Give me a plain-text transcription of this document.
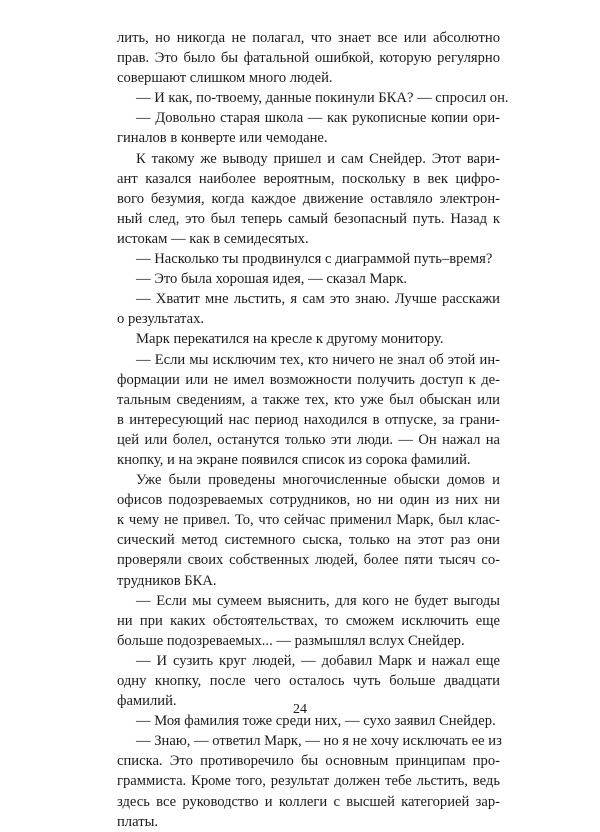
лить, но никогда не полагал, что знает все или абсолютно
прав. Это было бы фатальной ошибкой, которую регулярно
совершают слишком много людей.
— И как, по-твоему, данные покинули БКА? — спросил он.
— Довольно старая школа — как рукописные копии ори-
гиналов в конверте или чемодане.
К такому же выводу пришел и сам Снейдер. Этот вари-
ант казался наиболее вероятным, поскольку в век цифро-
вого безумия, когда каждое движение оставляло электрон-
ный след, это был теперь самый безопасный путь. Назад к
истокам — как в семидесятых.
— Насколько ты продвинулся с диаграммой путь–время?
— Это была хорошая идея, — сказал Марк.
— Хватит мне льстить, я сам это знаю. Лучше расскажи
о результатах.
Марк перекатился на кресле к другому монитору.
— Если мы исключим тех, кто ничего не знал об этой ин-
формации или не имел возможности получить доступ к де-
тальным сведениям, а также тех, кто уже был обыскан или
в интересующий нас период находился в отпуске, за грани-
цей или болел, останутся только эти люди. — Он нажал на
кнопку, и на экране появился список из сорока фамилий.
Уже были проведены многочисленные обыски домов и
офисов подозреваемых сотрудников, но ни один из них ни
к чему не привел. То, что сейчас применил Марк, был клас-
сический метод системного сыска, только на этот раз они
проверяли своих собственных людей, более пяти тысяч со-
трудников БКА.
— Если мы сумеем выяснить, для кого не будет выгоды
ни при каких обстоятельствах, то сможем исключить еще
больше подозреваемых... — размышлял вслух Снейдер.
— И сузить круг людей, — добавил Марк и нажал еще
одну кнопку, после чего осталось чуть больше двадцати
фамилий.
— Моя фамилия тоже среди них, — сухо заявил Снейдер.
— Знаю, — ответил Марк, — но я не хочу исключать ее из
списка. Это противоречило бы основным принципам про-
граммиста. Кроме того, результат должен тебе льстить, ведь
здесь все руководство и коллеги с высшей категорией зар-
платы.
24
